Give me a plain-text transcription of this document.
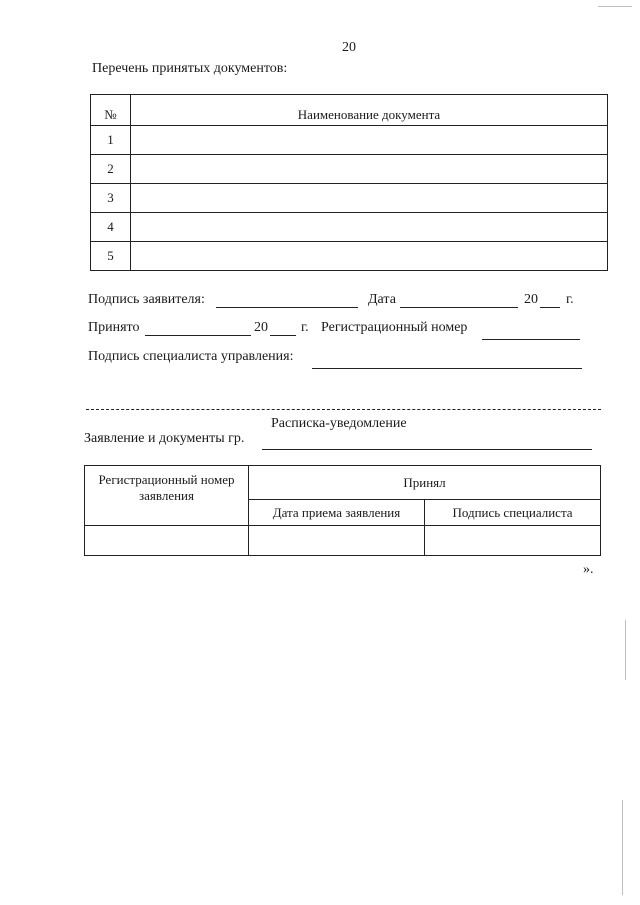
20
Перечень принятых документов:
№	Наименование документа
1	
2	
3	
4	
5	
Подпись заявителя:	Дата	20 г.
Принято	20 г. Регистрационный номер
Подпись специалиста управления:
Расписка-уведомление
Заявление и документы гр.
Регистрационный номер заявления	Принял	
	Дата приема заявления	Подпись специалиста

».
